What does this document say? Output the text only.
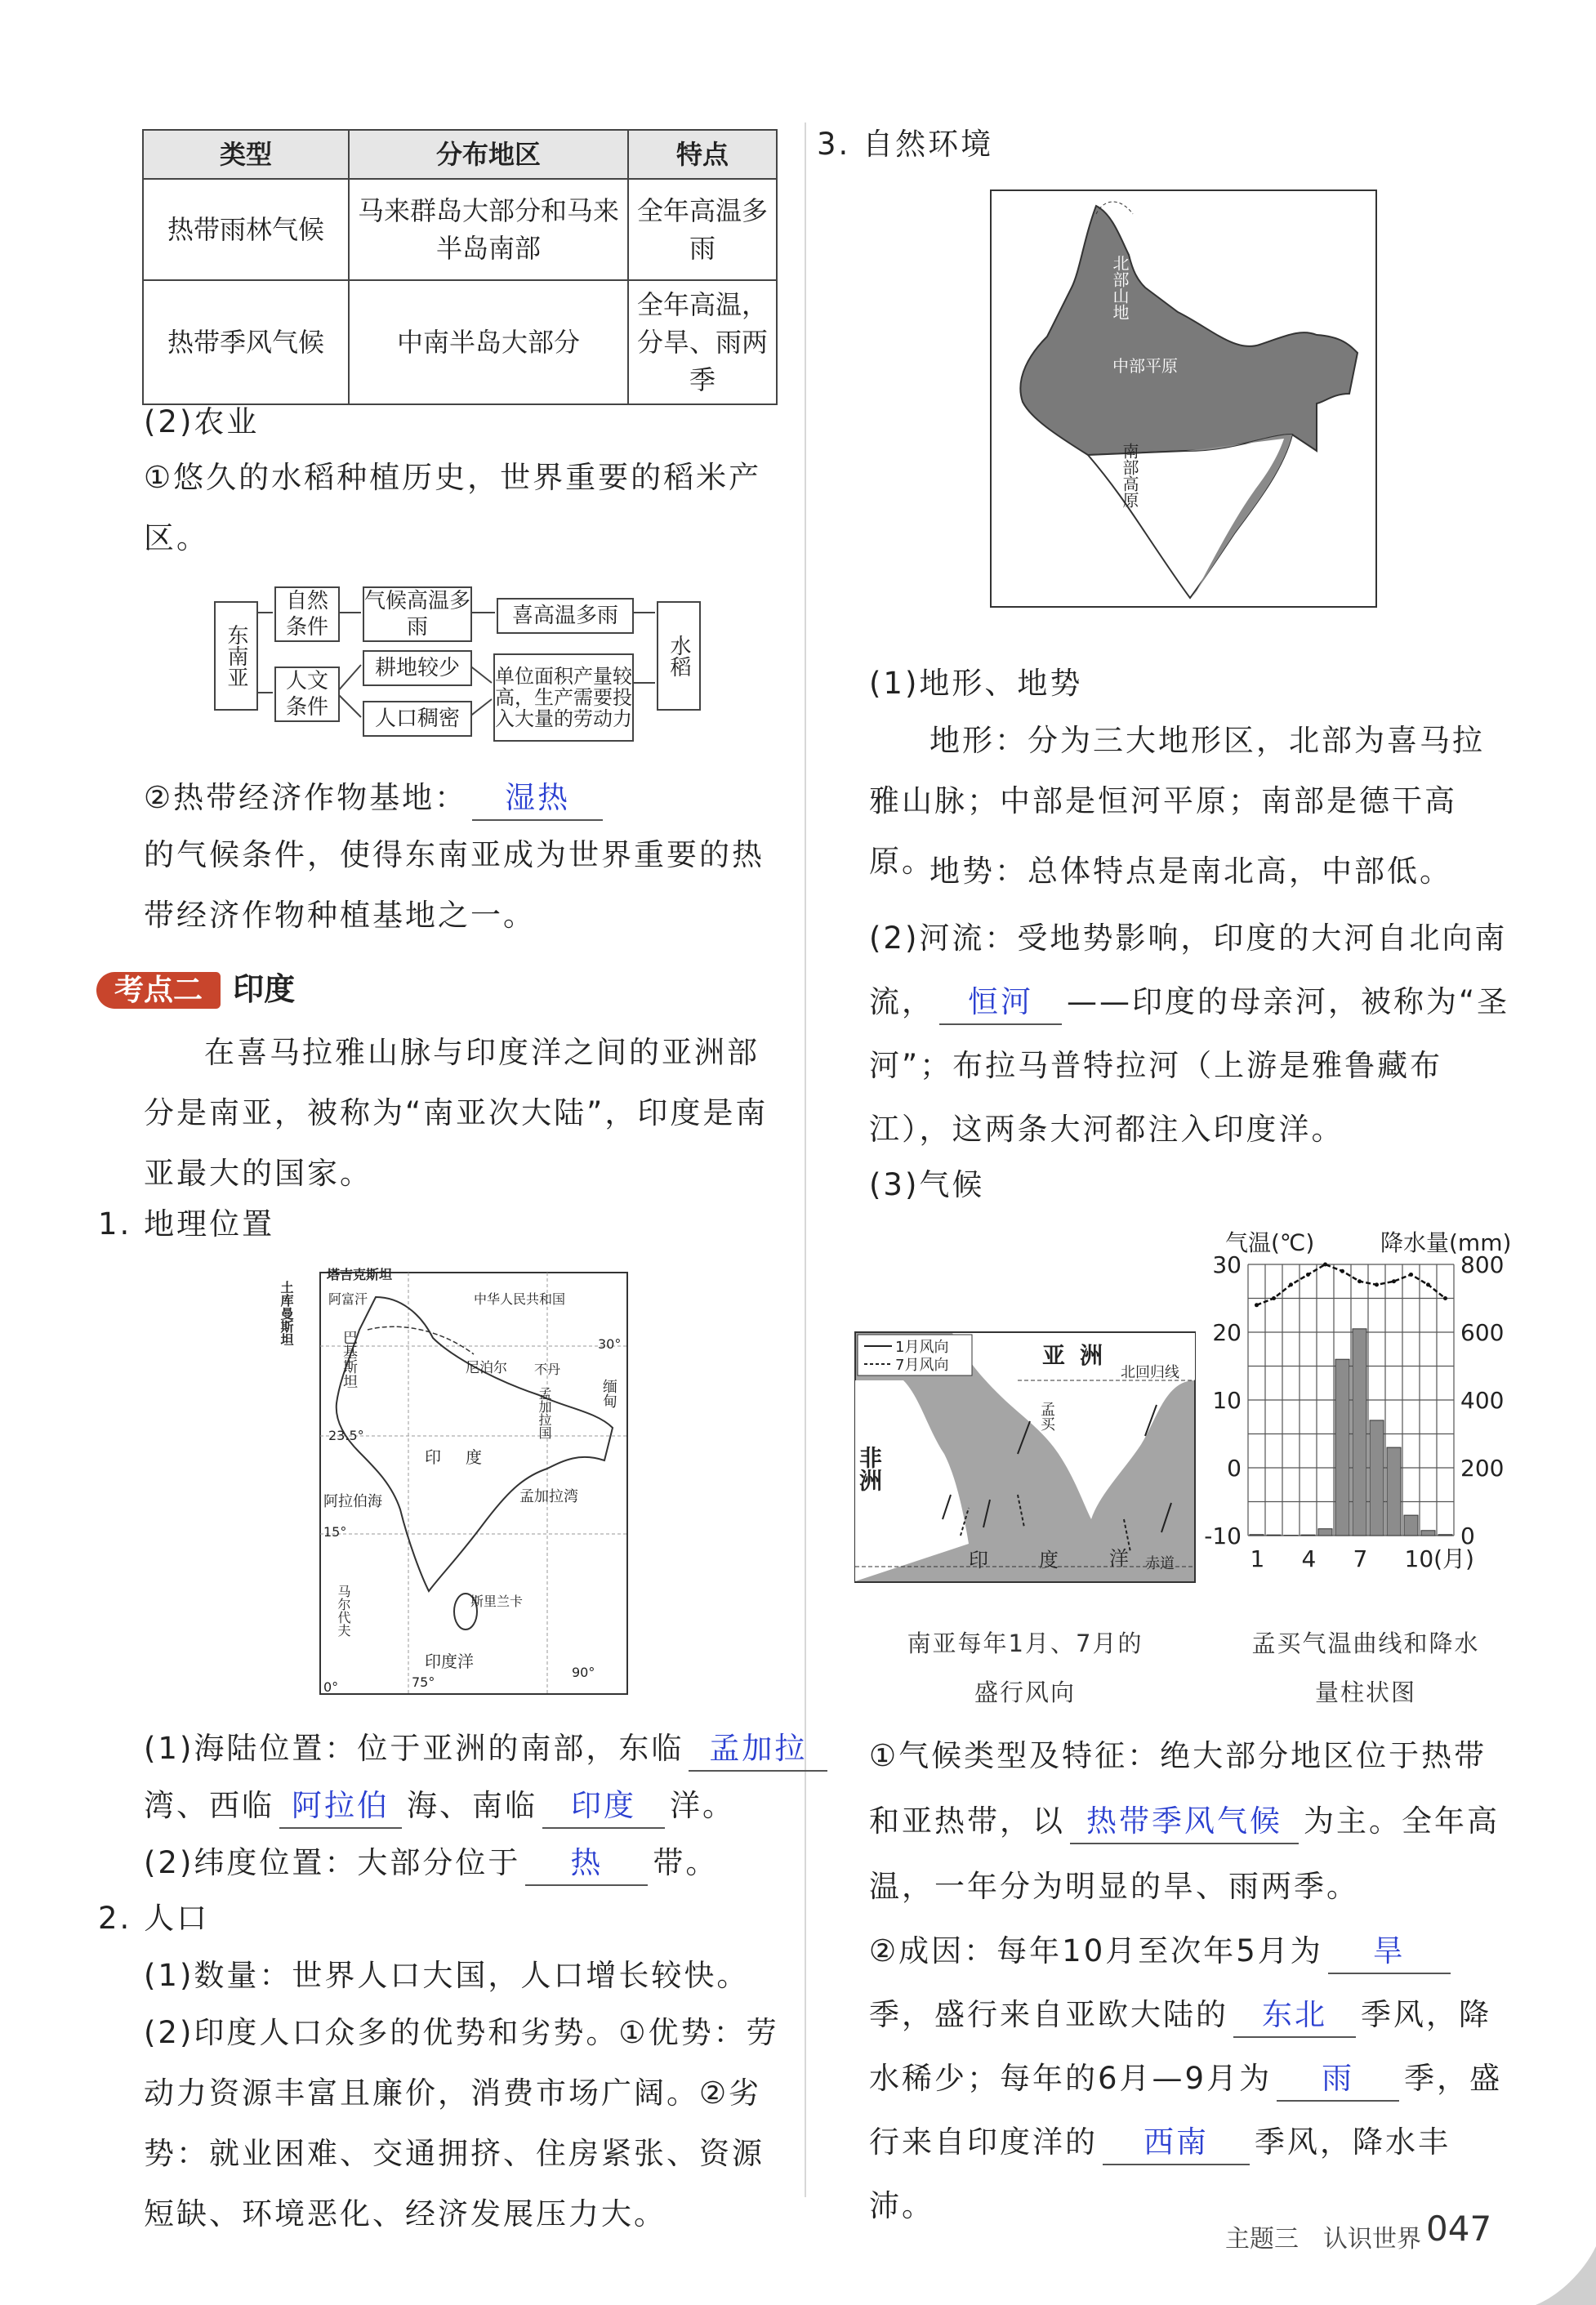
类型	分布地区	特点
热带雨林气候	马来群岛大部分和马来半岛南部	全年高温多雨
热带季风气候	中南半岛大部分	全年高温，分旱、雨两季
(2)农业
①悠久的水稻种植历史，世界重要的稻米产区。
东南亚
自然条件
人文条件
气候高温多雨	喜高温多雨
耕地较少
人口稠密
单位面积产量较高，生产需要投入大量的劳动力
水稻
②热带经济作物基地： 湿热
的气候条件，使得东南亚成为世界重要的热带经济作物种植基地之一。
考点二 印度
在喜马拉雅山脉与印度洋之间的亚洲部分是南亚，被称为“南亚次大陆”，印度是南亚最大的国家。
1. 地理位置
塔吉克斯坦
土库曼斯坦	阿富汗	中华人民共和国
巴基斯坦	尼泊尔 不丹
孟加拉国	缅甸
印度
阿拉伯海	孟加拉湾
斯里兰卡
马尔代夫
印度洋
30°
23.5°
15°
0°	75°
90°
(1)海陆位置：位于亚洲的南部，东临 孟加拉
湾、西临 阿拉伯 海、南临 印度 洋。
(2)纬度位置：大部分位于 热 带。
2. 人口
(1)数量：世界人口大国，人口增长较快。
(2)印度人口众多的优势和劣势。①优势：劳动力资源丰富且廉价，消费市场广阔。②劣势：就业困难、交通拥挤、住房紧张、资源短缺、环境恶化、经济发展压力大。
3. 自然环境
北部山地
中部平原
南部高原
(1)地形、地势
地形：分为三大地形区，北部为喜马拉雅山脉；中部是恒河平原；南部是德干高原。
地势：总体特点是南北高，中部低。
(2)河流：受地势影响，印度的大河自北向南流， 恒河 ——印度的母亲河，被称为“圣河”；布拉马普特拉河（上游是雅鲁藏布江），这两条大河都注入印度洋。
(3)气候
1月风向
7月风向	亚洲
非洲
北回归线
孟买
印	度	洋 赤道
南亚每年1月、7月的盛行风向
气温(℃)	降水量(mm)
30
20
10
0
-10
800
600
400
200
0
1 4 7 10(月)
孟买气温曲线和降水量柱状图
①气候类型及特征：绝大部分地区位于热带和亚热带，以 热带季风气候 为主。全年高温，一年分为明显的旱、雨两季。
②成因：每年10月至次年5月为 旱季，盛行来自亚欧大陆的 东北 季风，降水稀少；每年的6月—9月为 雨 季，盛行来自印度洋的 西南 季风，降水丰沛。
主题三　认识世界 047
